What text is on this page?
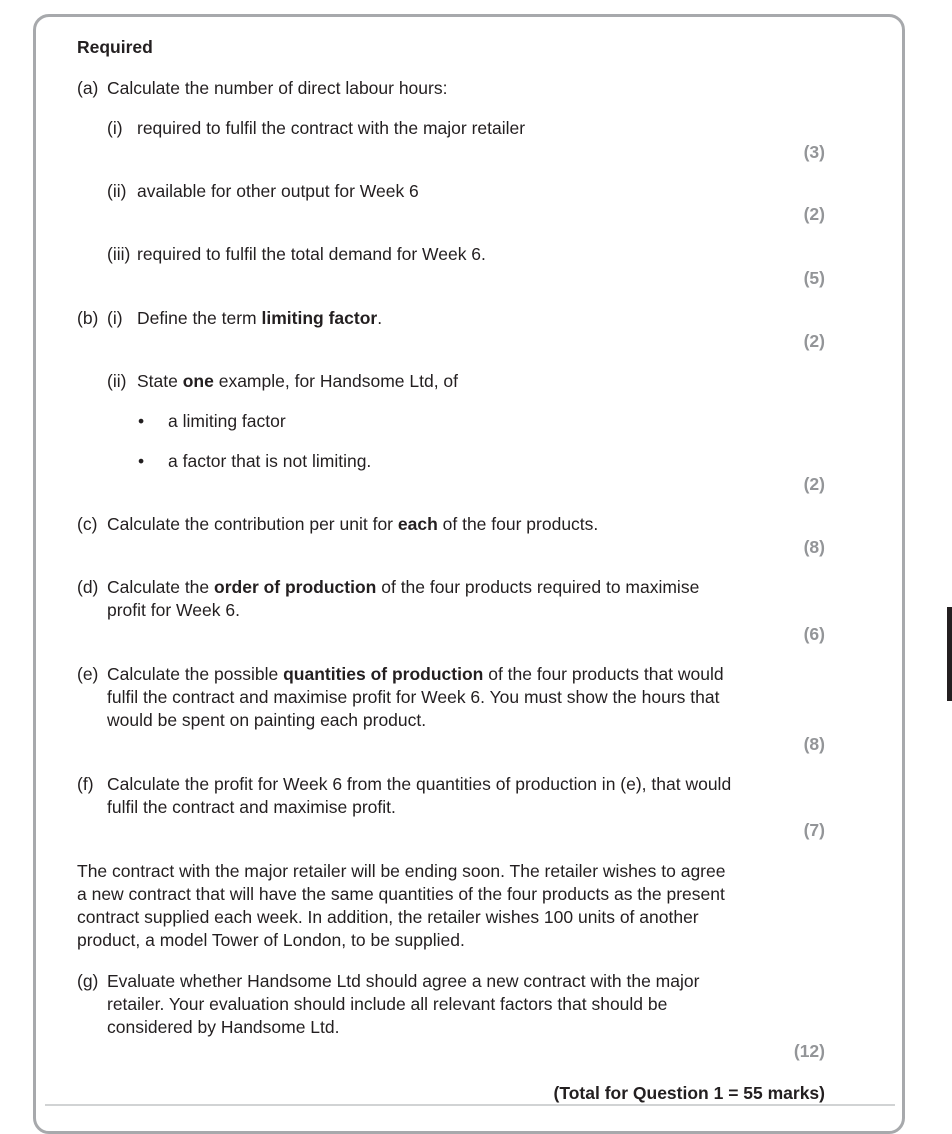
Required
(a) Calculate the number of direct labour hours:
(i) required to fulfil the contract with the major retailer
(3)
(ii) available for other output for Week 6
(2)
(iii) required to fulfil the total demand for Week 6.
(5)
(b) (i) Define the term limiting factor.
(2)
(ii) State one example, for Handsome Ltd, of
• a limiting factor
• a factor that is not limiting.
(2)
(c) Calculate the contribution per unit for each of the four products.
(8)
(d) Calculate the order of production of the four products required to maximise
profit for Week 6.
(6)
(e) Calculate the possible quantities of production of the four products that would
fulfil the contract and maximise profit for Week 6. You must show the hours that
would be spent on painting each product.
(8)
(f) Calculate the profit for Week 6 from the quantities of production in (e), that would
fulfil the contract and maximise profit.
(7)
The contract with the major retailer will be ending soon. The retailer wishes to agree
a new contract that will have the same quantities of the four products as the present
contract supplied each week. In addition, the retailer wishes 100 units of another
product, a model Tower of London, to be supplied.
(g) Evaluate whether Handsome Ltd should agree a new contract with the major
retailer. Your evaluation should include all relevant factors that should be
considered by Handsome Ltd.
(12)
(Total for Question 1 = 55 marks)
